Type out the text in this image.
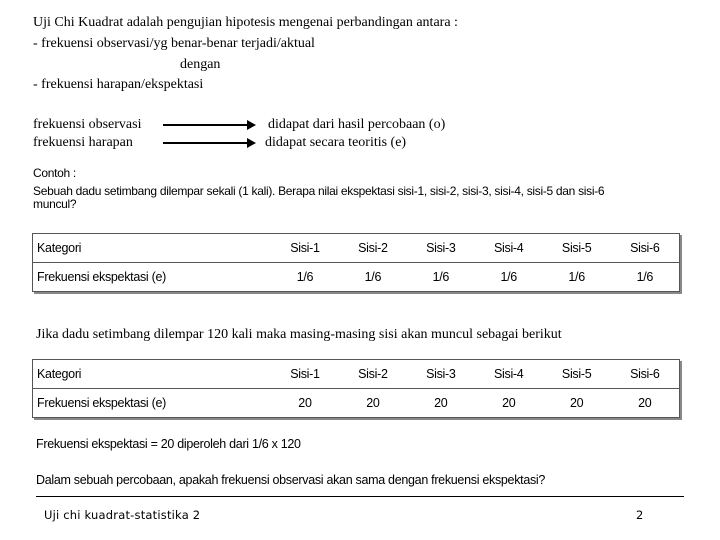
Uji Chi Kuadrat adalah pengujian hipotesis mengenai perbandingan antara :
- frekuensi observasi/yg benar-benar terjadi/aktual
dengan
- frekuensi harapan/ekspektasi
frekuensi observasi	didapat dari hasil percobaan (o)
frekuensi harapan	didapat secara teoritis (e)
Contoh :
Sebuah dadu setimbang dilempar sekali (1 kali). Berapa nilai ekspektasi sisi-1, sisi-2, sisi-3, sisi-4, sisi-5 dan sisi-6
muncul?
Kategori	Sisi-1	Sisi-2	Sisi-3	Sisi-4	Sisi-5	Sisi-6
Frekuensi ekspektasi (e)	1/6	1/6	1/6	1/6	1/6	1/6
Jika dadu setimbang dilempar 120 kali maka masing-masing sisi akan muncul sebagai berikut
Kategori	Sisi-1	Sisi-2	Sisi-3	Sisi-4	Sisi-5	Sisi-6
Frekuensi ekspektasi (e)	20	20	20	20	20	20
Frekuensi ekspektasi = 20 diperoleh dari 1/6 x 120
Dalam sebuah percobaan, apakah frekuensi observasi akan sama dengan frekuensi ekspektasi?
Uji chi kuadrat-statistika 2	2
